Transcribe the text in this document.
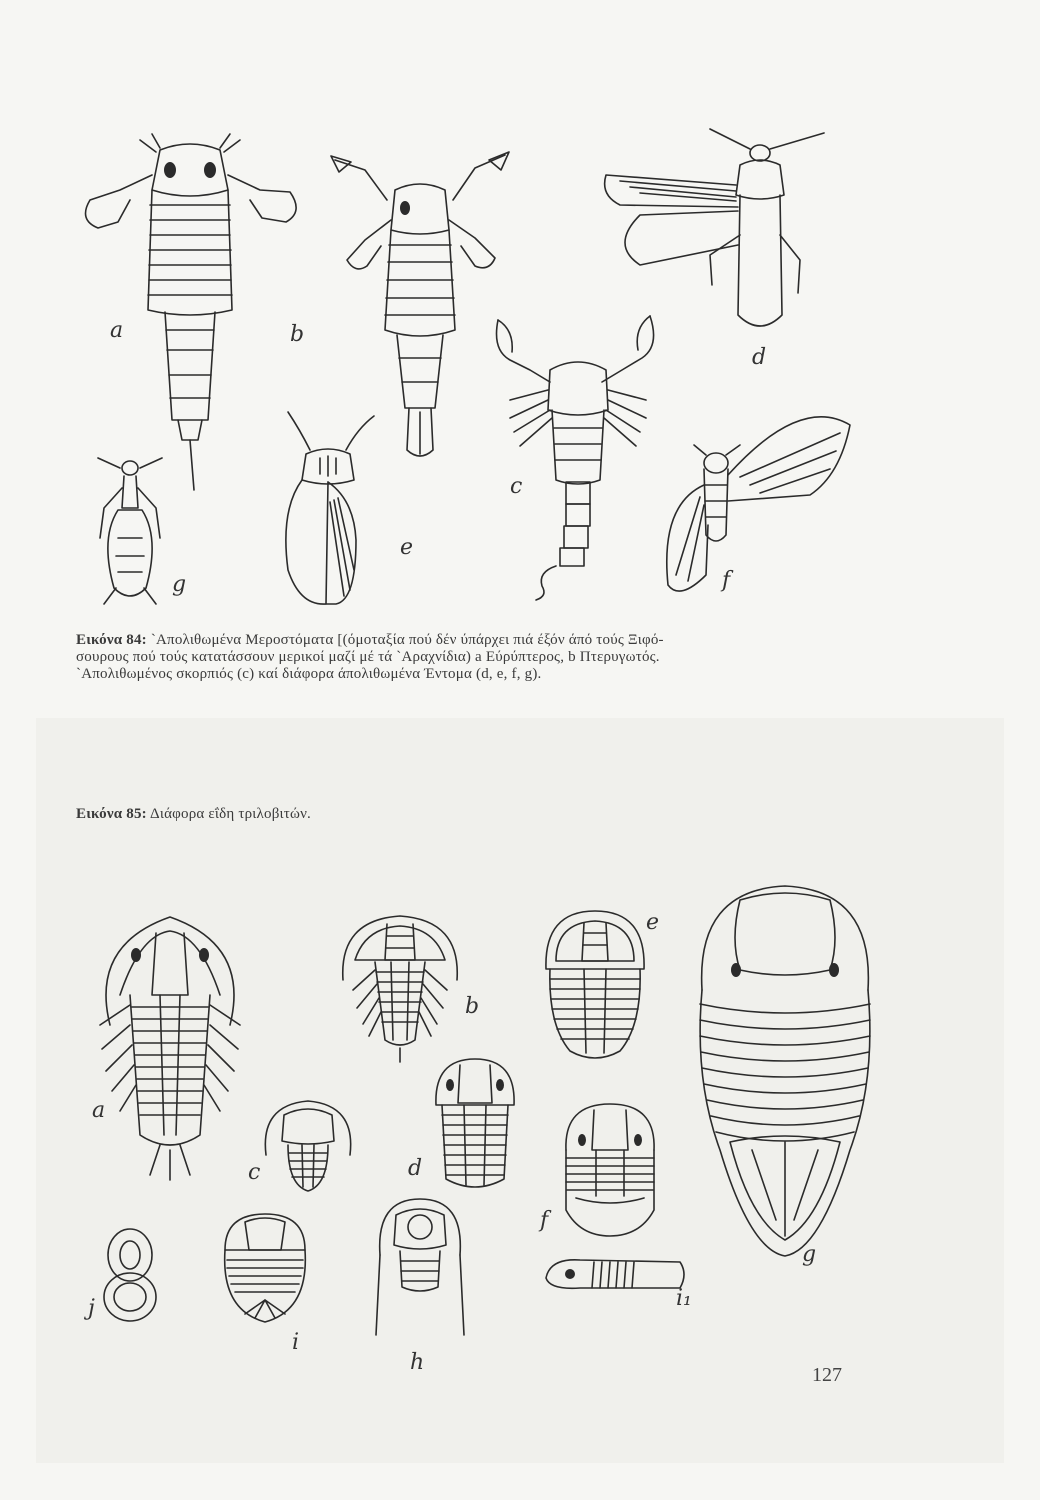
a	b
c
d
e
f
g
Εικόνα 84: `Απολιθωμένα Μεροστόματα [(όμοταξία πού δέν ύπάρχει πιά έξόν άπό τούς Ξιφό-
σουρους πού τούς κατατάσσουν μερικοί μαζί μέ τά `Αραχνίδια) a Εύρύπτερος, b Πτερυγωτός.
`Απολιθωμένος σκορπιός (c) καί διάφορα άπολιθωμένα Έντομα (d, e, f, g).
Εικόνα 85: Διάφορα εΐδη τριλοβιτών.
a
b
c	d
e
f
g
h
i
i₁
j
127
